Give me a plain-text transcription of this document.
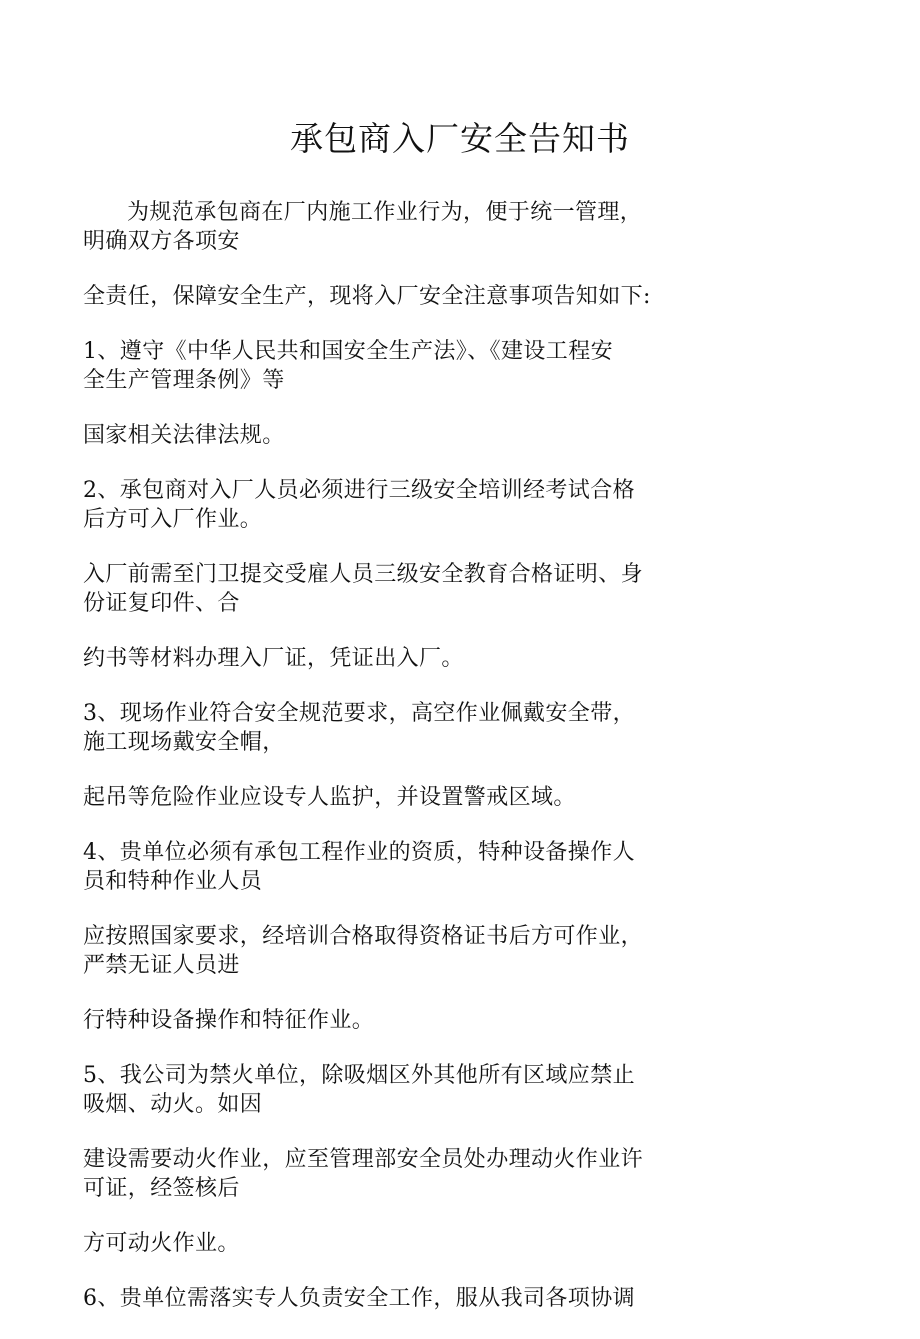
承包商入厂安全告知书

为规范承包商在厂内施工作业行为，便于统一管理，
明确双方各项安

全责任，保障安全生产，现将入厂安全注意事项告知如下:

1、遵守《中华人民共和国安全生产法》、《建设工程安
全生产管理条例》等

国家相关法律法规。

2、承包商对入厂人员必须进行三级安全培训经考试合格
后方可入厂作业。

入厂前需至门卫提交受雇人员三级安全教育合格证明、身
份证复印件、合

约书等材料办理入厂证，凭证出入厂。

3、现场作业符合安全规范要求，高空作业佩戴安全带，
施工现场戴安全帽，

起吊等危险作业应设专人监护，并设置警戒区域。

4、贵单位必须有承包工程作业的资质，特种设备操作人
员和特种作业人员

应按照国家要求，经培训合格取得资格证书后方可作业，
严禁无证人员进

行特种设备操作和特征作业。

5、我公司为禁火单位，除吸烟区外其他所有区域应禁止
吸烟、动火。如因

建设需要动火作业，应至管理部安全员处办理动火作业许
可证，经签核后

方可动火作业。

6、贵单位需落实专人负责安全工作，服从我司各项协调
